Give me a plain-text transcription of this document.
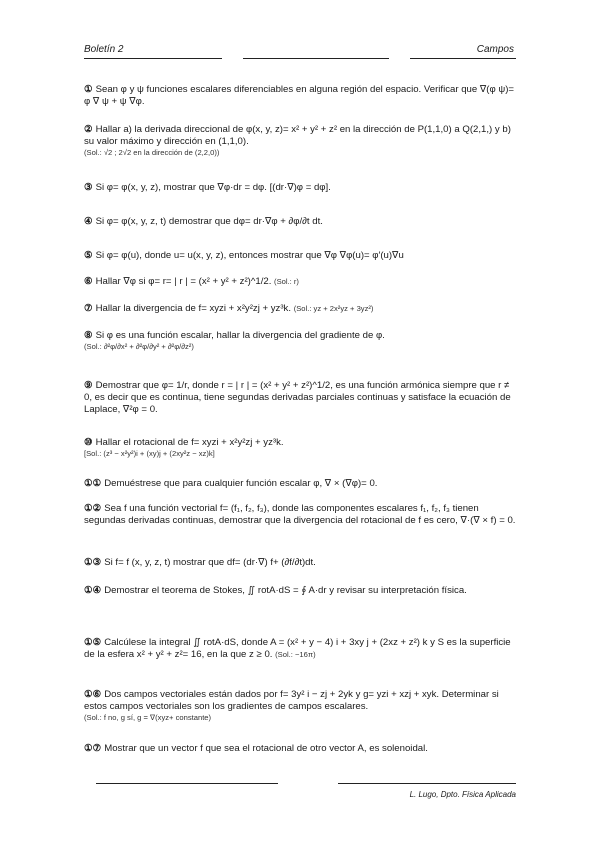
Boletín 2	Campos
① Sean φ y ψ funciones escalares diferenciables en alguna región del espacio. Verificar que ∇(φ ψ)= φ ∇ ψ + ψ ∇φ.
② Hallar a) la derivada direccional de φ(x, y, z)= x² + y² + z² en la dirección de P(1,1,0) a Q(2,1,) y b) su valor máximo y dirección en (1,1,0).
(Sol.: √2 ; 2√2 en la dirección de (2,2,0))
③ Si φ= φ(x, y, z), mostrar que ∇φ·dr = dφ. [(dr·∇)φ = dφ].
④ Si φ= φ(x, y, z, t) demostrar que dφ= dr·∇φ + ∂φ/∂t dt.
⑤ Si φ= φ(u), donde u= u(x, y, z), entonces mostrar que ∇φ ∇φ(u)= φ′(u)∇u
⑥ Hallar ∇φ si φ= r= | r | = (x² + y² + z²)^1/2. (Sol.: r)
⑦ Hallar la divergencia de f= xyzi + x²y²zj + yz³k. (Sol.: yz + 2x²yz + 3yz²)
⑧ Si φ es una función escalar, hallar la divergencia del gradiente de φ.
(Sol.: ∂²φ/∂x² + ∂²φ/∂y² + ∂²φ/∂z²)
⑨ Demostrar que φ= 1/r, donde r = | r | = (x² + y² + z²)^1/2, es una función armónica siempre que r ≠ 0, es decir que es continua, tiene segundas derivadas parciales continuas y satisface la ecuación de Laplace, ∇²φ = 0.
⑩ Hallar el rotacional de f= xyzi + x²y²zj + yz³k.
[Sol.: (z³ − x²y²)i + (xy)j + (2xy²z − xz)k]
①① Demuéstrese que para cualquier función escalar φ, ∇ × (∇φ)= 0.
①② Sea f una función vectorial f= (f₁, f₂, f₃), donde las componentes escalares f₁, f₂, f₃ tienen segundas derivadas continuas, demostrar que la divergencia del rotacional de f es cero, ∇·(∇ × f) = 0.
①③ Si f= f (x, y, z, t) mostrar que df= (dr·∇) f+ (∂f/∂t)dt.
①④ Demostrar el teorema de Stokes, ∬ rotA·dS = ∮ A·dr y revisar su interpretación física.
①⑤ Calcúlese la integral ∬ rotA·dS, donde A = (x² + y − 4) i + 3xy j + (2xz + z²) k y S es la superficie de la esfera x² + y² + z²= 16, en la que z ≥ 0. (Sol.: −16π)
①⑥ Dos campos vectoriales están dados por f= 3y² i − zj + 2yk y g= yzi + xzj + xyk. Determinar si estos campos vectoriales son los gradientes de campos escalares.
(Sol.: f no, g sí, g = ∇(xyz+ constante)
①⑦ Mostrar que un vector f que sea el rotacional de otro vector A, es solenoidal.
L. Lugo, Dpto. Física Aplicada
